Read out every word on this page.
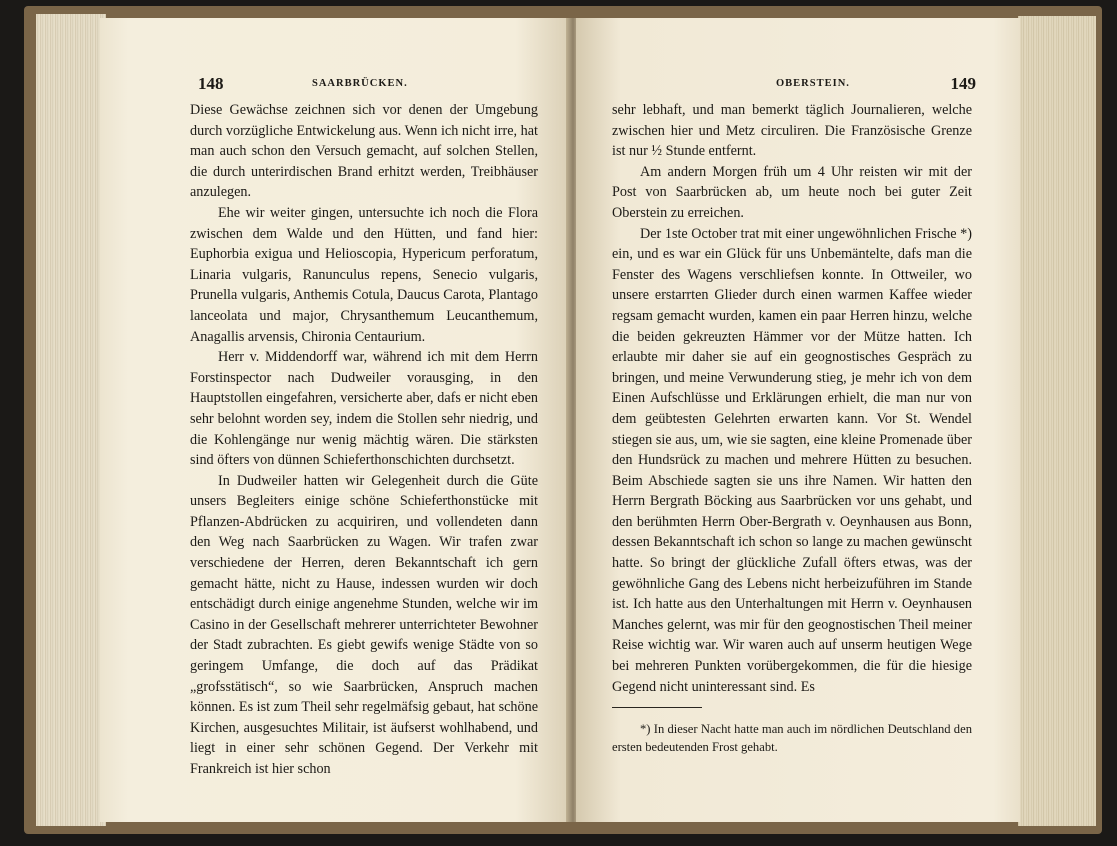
148	SAARBRÜCKEN.

Diese Gewächse zeichnen sich vor denen der Umgebung durch vorzügliche Entwickelung aus. Wenn ich nicht irre, hat man auch schon den Versuch gemacht, auf solchen Stellen, die durch unterirdischen Brand erhitzt werden, Treibhäuser anzulegen.

Ehe wir weiter gingen, untersuchte ich noch die Flora zwischen dem Walde und den Hütten, und fand hier: Euphorbia exigua und Helioscopia, Hypericum perforatum, Linaria vulgaris, Ranunculus repens, Senecio vulgaris, Prunella vulgaris, Anthemis Cotula, Daucus Carota, Plantago lanceolata und major, Chrysanthemum Leucanthemum, Anagallis arvensis, Chironia Centaurium.

Herr v. Middendorff war, während ich mit dem Herrn Forstinspector nach Dudweiler vorausging, in den Hauptstollen eingefahren, versicherte aber, dafs er nicht eben sehr belohnt worden sey, indem die Stollen sehr niedrig, und die Kohlengänge nur wenig mächtig wären. Die stärksten sind öfters von dünnen Schieferthonschichten durchsetzt.

In Dudweiler hatten wir Gelegenheit durch die Güte unsers Begleiters einige schöne Schieferthonstücke mit Pflanzen-Abdrücken zu acquiriren, und vollendeten dann den Weg nach Saarbrücken zu Wagen. Wir trafen zwar verschiedene der Herren, deren Bekanntschaft ich gern gemacht hätte, nicht zu Hause, indessen wurden wir doch entschädigt durch einige angenehme Stunden, welche wir im Casino in der Gesellschaft mehrerer unterrichteter Bewohner der Stadt zubrachten. Es giebt gewifs wenige Städte von so geringem Umfange, die doch auf das Prädikat „grofsstätisch“, so wie Saarbrücken, Anspruch machen können. Es ist zum Theil sehr regelmäfsig gebaut, hat schöne Kirchen, ausgesuchtes Militair, ist äufserst wohlhabend, und liegt in einer sehr schönen Gegend. Der Verkehr mit Frankreich ist hier schon

OBERSTEIN.	149

sehr lebhaft, und man bemerkt täglich Journalieren, welche zwischen hier und Metz circuliren. Die Französische Grenze ist nur ½ Stunde entfernt.

Am andern Morgen früh um 4 Uhr reisten wir mit der Post von Saarbrücken ab, um heute noch bei guter Zeit Oberstein zu erreichen.

Der 1ste October trat mit einer ungewöhnlichen Frische *) ein, und es war ein Glück für uns Unbemäntelte, dafs man die Fenster des Wagens verschliefsen konnte. In Ottweiler, wo unsere erstarrten Glieder durch einen warmen Kaffee wieder regsam gemacht wurden, kamen ein paar Herren hinzu, welche die beiden gekreuzten Hämmer vor der Mütze hatten. Ich erlaubte mir daher sie auf ein geognostisches Gespräch zu bringen, und meine Verwunderung stieg, je mehr ich von dem Einen Aufschlüsse und Erklärungen erhielt, die man nur von dem geübtesten Gelehrten erwarten kann. Vor St. Wendel stiegen sie aus, um, wie sie sagten, eine kleine Promenade über den Hundsrück zu machen und mehrere Hütten zu besuchen. Beim Abschiede sagten sie uns ihre Namen. Wir hatten den Herrn Bergrath Böcking aus Saarbrücken vor uns gehabt, und den berühmten Herrn Ober-Bergrath v. Oeynhausen aus Bonn, dessen Bekanntschaft ich schon so lange zu machen gewünscht hatte. So bringt der glückliche Zufall öfters etwas, was der gewöhnliche Gang des Lebens nicht herbeizuführen im Stande ist. Ich hatte aus den Unterhaltungen mit Herrn v. Oeynhausen Manches gelernt, was mir für den geognostischen Theil meiner Reise wichtig war. Wir waren auch auf unserm heutigen Wege bei mehreren Punkten vorübergekommen, die für die hiesige Gegend nicht uninteressant sind. Es

*) In dieser Nacht hatte man auch im nördlichen Deutschland den ersten bedeutenden Frost gehabt.
